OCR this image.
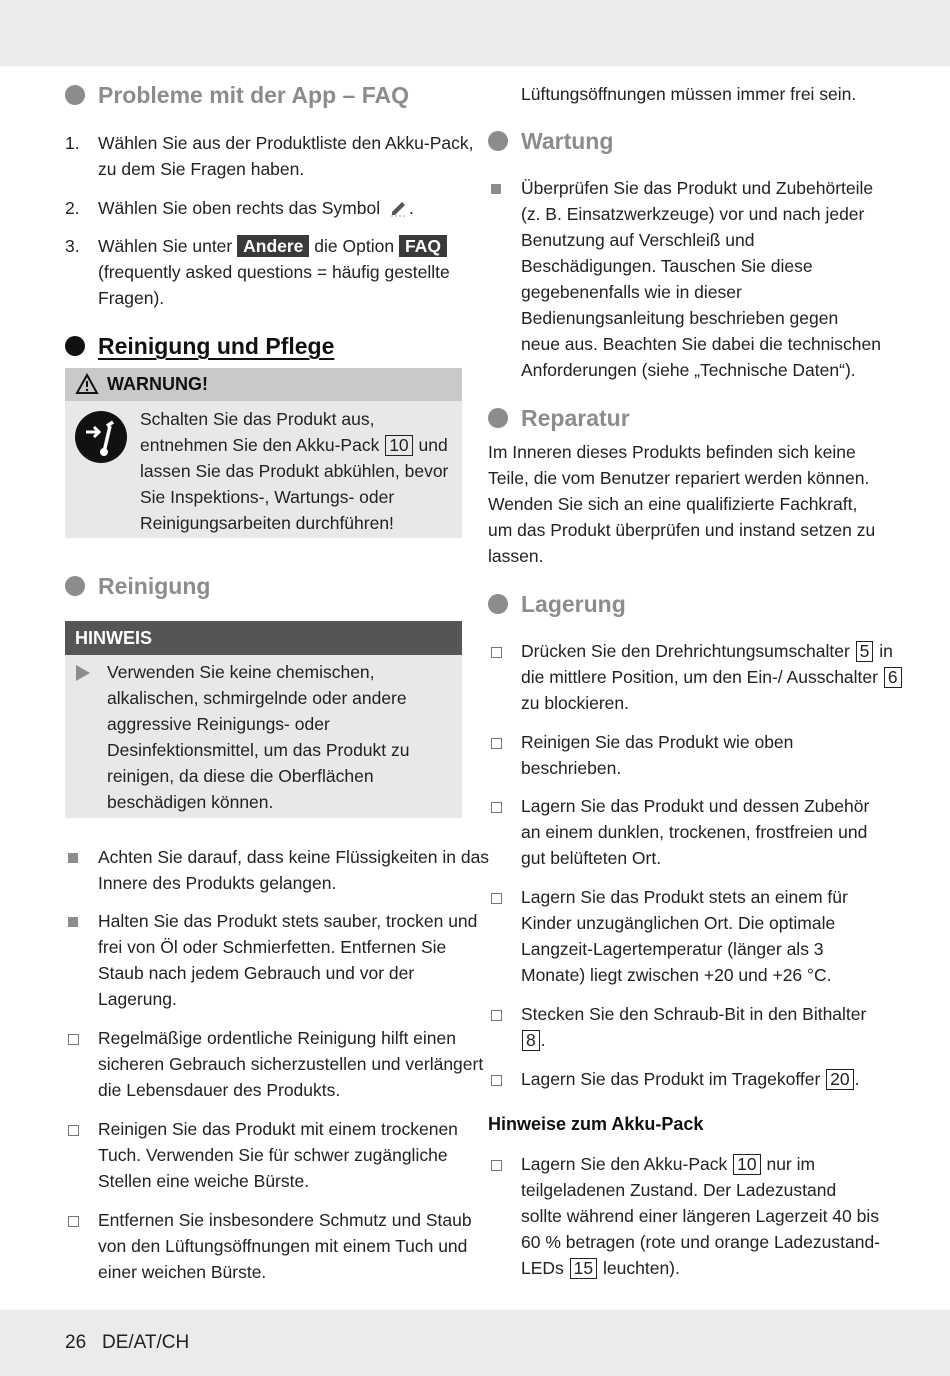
Probleme mit der App – FAQ
1. Wählen Sie aus der Produktliste den Akku-Pack, zu dem Sie Fragen haben.
2. Wählen Sie oben rechts das Symbol .
3. Wählen Sie unter Andere die Option FAQ (frequently asked questions = häufig gestellte Fragen).
Reinigung und Pflege
WARNUNG!
Schalten Sie das Produkt aus, entnehmen Sie den Akku-Pack 10 und lassen Sie das Produkt abkühlen, bevor Sie Inspektions-, Wartungs- oder Reinigungsarbeiten durchführen!
Reinigung
HINWEIS
Verwenden Sie keine chemischen, alkalischen, schmirgelnde oder andere aggressive Reinigungs- oder Desinfektionsmittel, um das Produkt zu reinigen, da diese die Oberflächen beschädigen können.
Achten Sie darauf, dass keine Flüssigkeiten in das Innere des Produkts gelangen.
Halten Sie das Produkt stets sauber, trocken und frei von Öl oder Schmierfetten. Entfernen Sie Staub nach jedem Gebrauch und vor der Lagerung.
Regelmäßige ordentliche Reinigung hilft einen sicheren Gebrauch sicherzustellen und verlängert die Lebensdauer des Produkts.
Reinigen Sie das Produkt mit einem trockenen Tuch. Verwenden Sie für schwer zugängliche Stellen eine weiche Bürste.
Entfernen Sie insbesondere Schmutz und Staub von den Lüftungsöffnungen mit einem Tuch und einer weichen Bürste.
Lüftungsöffnungen müssen immer frei sein.
Wartung
Überprüfen Sie das Produkt und Zubehörteile (z. B. Einsatzwerkzeuge) vor und nach jeder Benutzung auf Verschleiß und Beschädigungen. Tauschen Sie diese gegebenenfalls wie in dieser Bedienungsanleitung beschrieben gegen neue aus. Beachten Sie dabei die technischen Anforderungen (siehe „Technische Daten“).
Reparatur
Im Inneren dieses Produkts befinden sich keine Teile, die vom Benutzer repariert werden können. Wenden Sie sich an eine qualifizierte Fachkraft, um das Produkt überprüfen und instand setzen zu lassen.
Lagerung
Drücken Sie den Drehrichtungsumschalter 5 in die mittlere Position, um den Ein-/ Ausschalter 6 zu blockieren.
Reinigen Sie das Produkt wie oben beschrieben.
Lagern Sie das Produkt und dessen Zubehör an einem dunklen, trockenen, frostfreien und gut belüfteten Ort.
Lagern Sie das Produkt stets an einem für Kinder unzugänglichen Ort. Die optimale Langzeit-Lagertemperatur (länger als 3 Monate) liegt zwischen +20 und +26 °C.
Stecken Sie den Schraub-Bit in den Bithalter 8 .
Lagern Sie das Produkt im Tragekoffer 20 .
Hinweise zum Akku-Pack
Lagern Sie den Akku-Pack 10 nur im teilgeladenen Zustand. Der Ladezustand sollte während einer längeren Lagerzeit 40 bis 60 % betragen (rote und orange Ladezustand-LEDs 15 leuchten).
26 DE/AT/CH
